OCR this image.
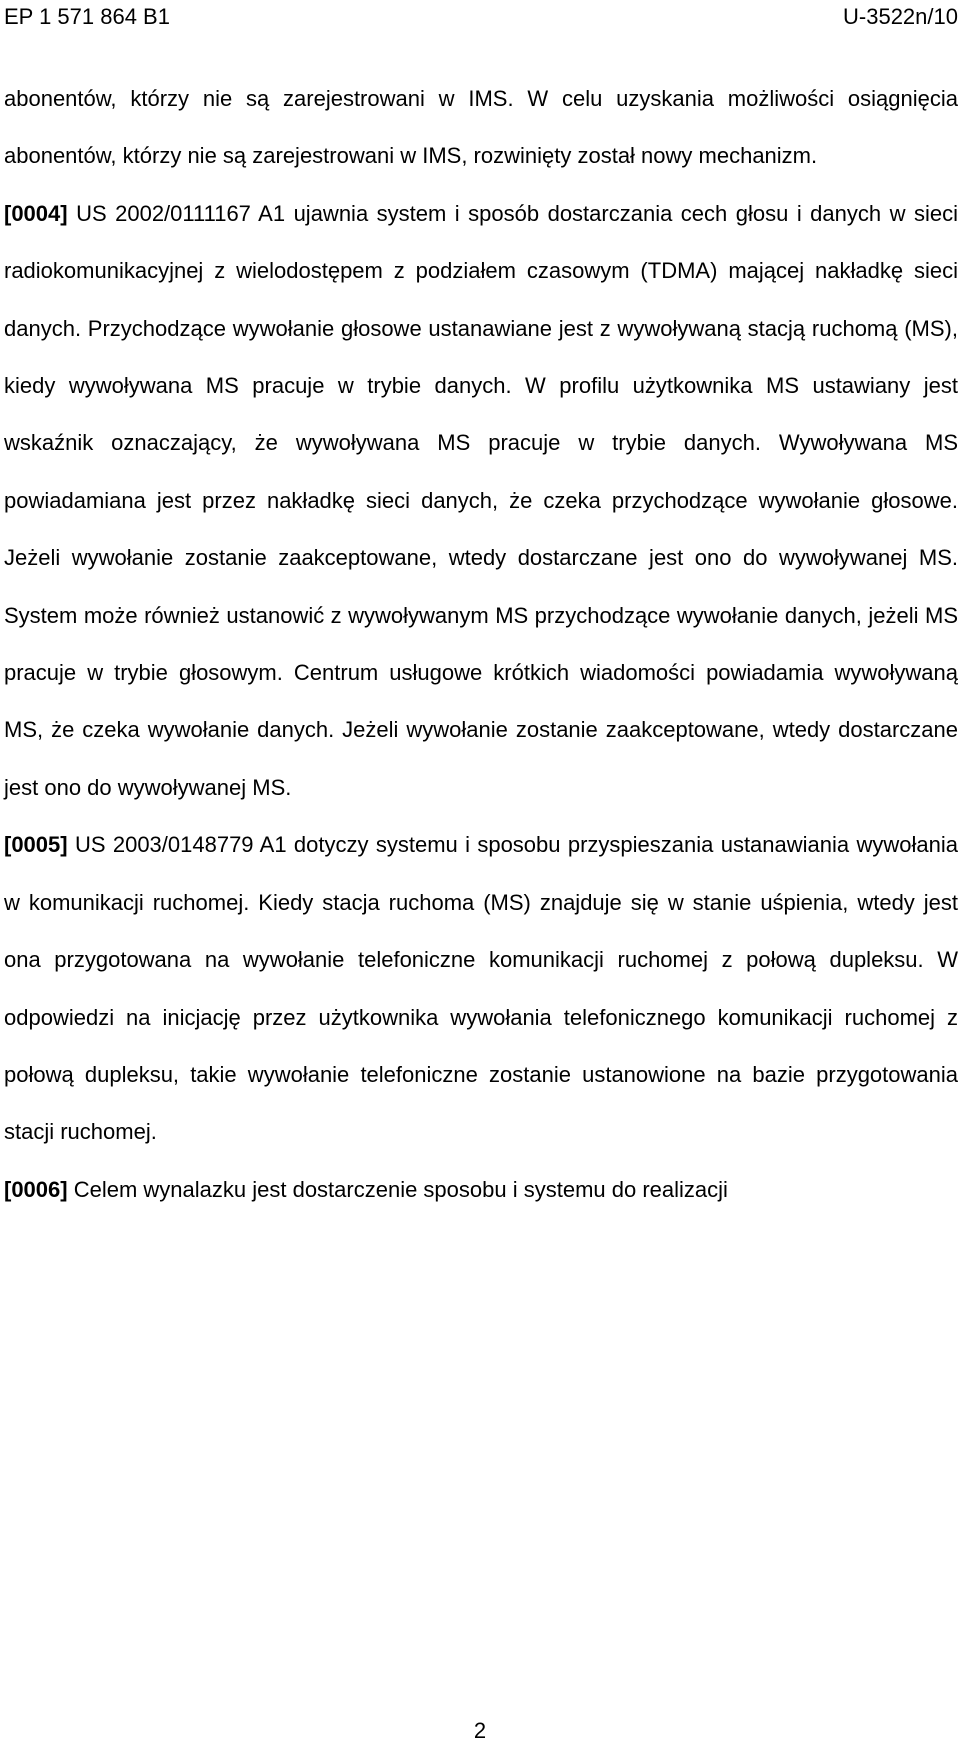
EP 1 571 864 B1	U-3522n/10

abonentów, którzy nie są zarejestrowani w IMS. W celu uzyskania możliwości osiągnięcia abonentów, którzy nie są zarejestrowani w IMS, rozwinięty został nowy mechanizm.

[0004] US 2002/0111167 A1 ujawnia system i sposób dostarczania cech głosu i danych w sieci radiokomunikacyjnej z wielodostępem z podziałem czasowym (TDMA) mającej nakładkę sieci danych. Przychodzące wywołanie głosowe ustanawiane jest z wywoływaną stacją ruchomą (MS), kiedy wywoływana MS pracuje w trybie danych. W profilu użytkownika MS ustawiany jest wskaźnik oznaczający, że wywoływana MS pracuje w trybie danych. Wywoływana MS powiadamiana jest przez nakładkę sieci danych, że czeka przychodzące wywołanie głosowe. Jeżeli wywołanie zostanie zaakceptowane, wtedy dostarczane jest ono do wywoływanej MS. System może również ustanowić z wywoływanym MS przychodzące wywołanie danych, jeżeli MS pracuje w trybie głosowym. Centrum usługowe krótkich wiadomości powiadamia wywoływaną MS, że czeka wywołanie danych. Jeżeli wywołanie zostanie zaakceptowane, wtedy dostarczane jest ono do wywoływanej MS.

[0005] US 2003/0148779 A1 dotyczy systemu i sposobu przyspieszania ustanawiania wywołania w komunikacji ruchomej. Kiedy stacja ruchoma (MS) znajduje się w stanie uśpienia, wtedy jest ona przygotowana na wywołanie telefoniczne komunikacji ruchomej z połową dupleksu. W odpowiedzi na inicjację przez użytkownika wywołania telefonicznego komunikacji ruchomej z połową dupleksu, takie wywołanie telefoniczne zostanie ustanowione na bazie przygotowania stacji ruchomej.

[0006] Celem wynalazku jest dostarczenie sposobu i systemu do realizacji

2
